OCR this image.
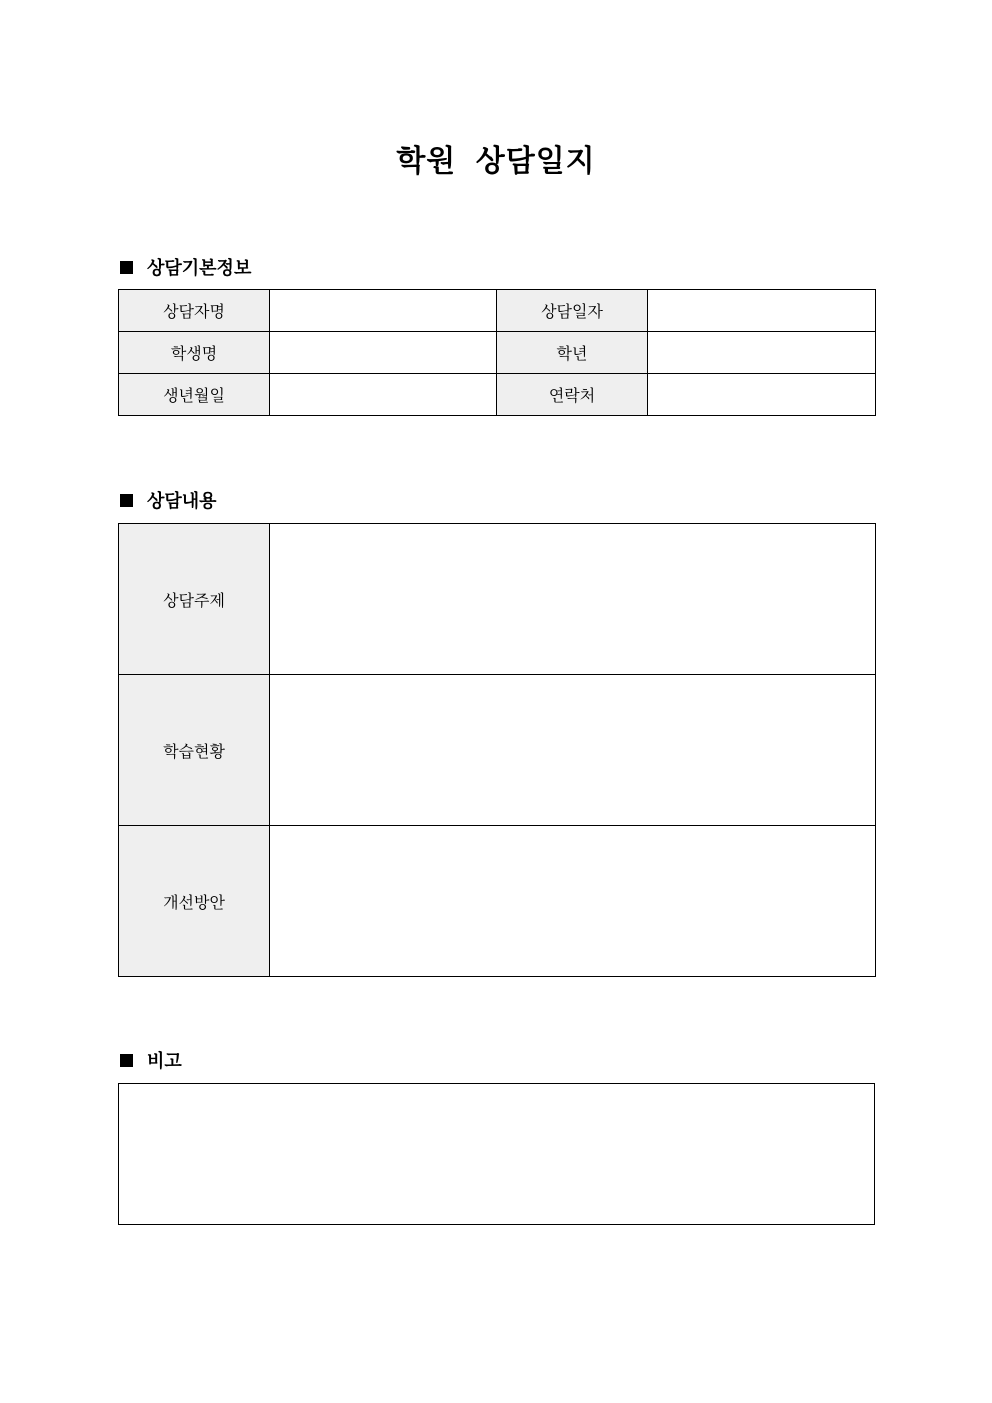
학원 상담일지
상담기본정보
상담자명		상담일자	
학생명		학년	
생년월일		연락처	
상담내용
상담주제	
학습현황	
개선방안	
비고
